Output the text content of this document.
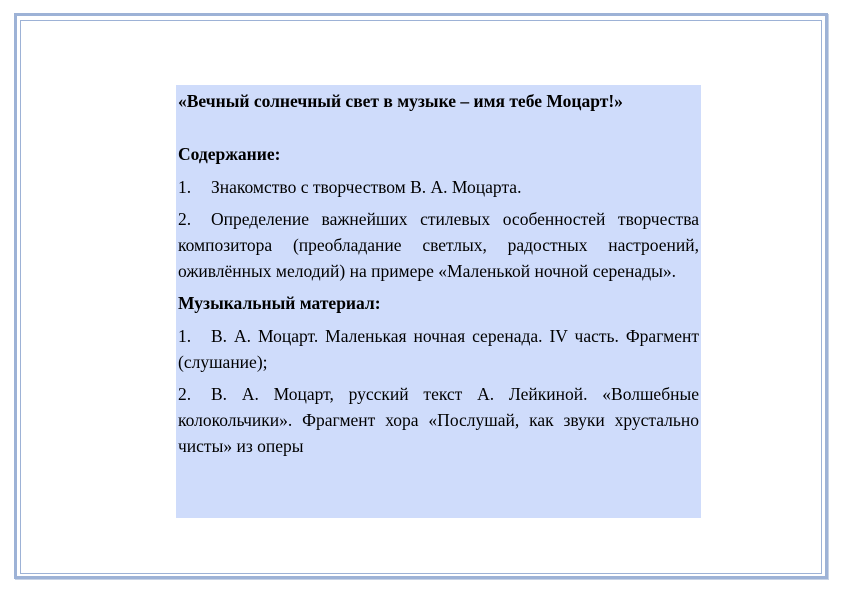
«Вечный солнечный свет в музыке – имя тебе Моцарт!»

Содержание:

1. Знакомство с творчеством В. А. Моцарта.

2. Определение важнейших стилевых особенностей творчества композитора (преобладание светлых, радостных настроений, оживлённых мелодий) на примере «Маленькой ночной серенады».

Музыкальный материал:

1. В. А. Моцарт. Маленькая ночная серенада. IV часть. Фрагмент (слушание);

2. В. А. Моцарт, русский текст А. Лейкиной. «Волшебные колокольчики». Фрагмент хора «Послушай, как звуки хрустально чисты» из оперы
